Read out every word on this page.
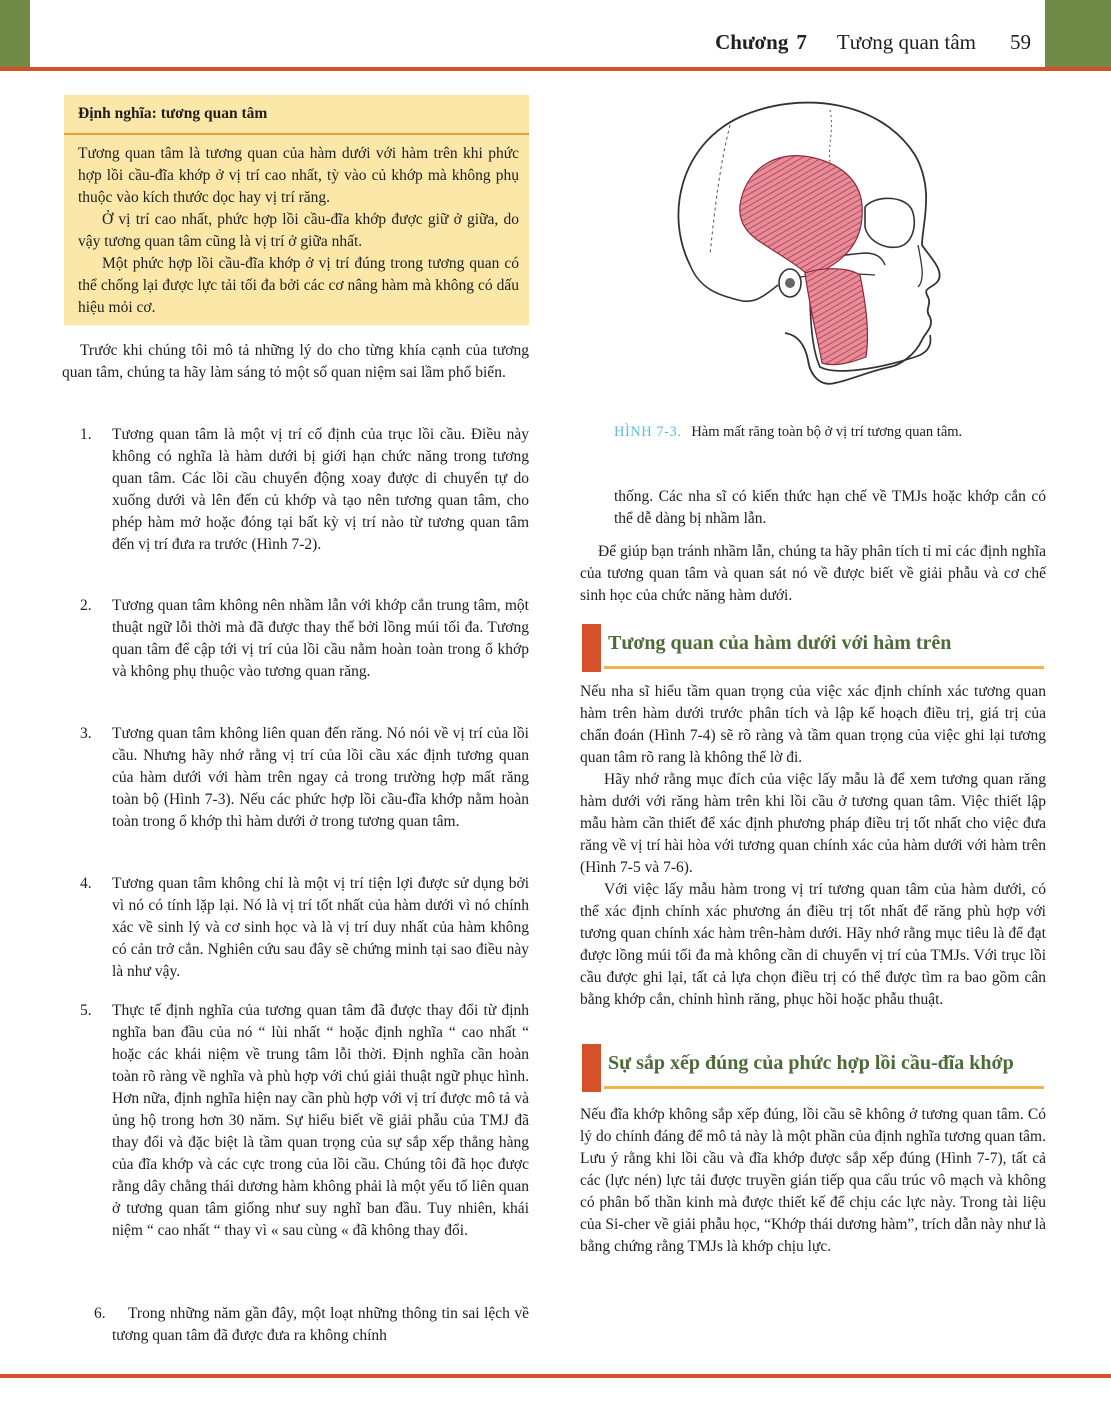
Chương 7 Tương quan tâm 59
Định nghĩa: tương quan tâm

Tương quan tâm là tương quan của hàm dưới với hàm trên khi phức hợp lồi cầu-đĩa khớp ở vị trí cao nhất, tỳ vào củ khớp mà không phụ thuộc vào kích thước dọc hay vị trí răng.

Ở vị trí cao nhất, phức hợp lồi cầu-đĩa khớp được giữ ở giữa, do vậy tương quan tâm cũng là vị trí ở giữa nhất.

Một phức hợp lồi cầu-đĩa khớp ở vị trí đúng trong tương quan có thể chống lại được lực tải tối đa bởi các cơ nâng hàm mà không có dấu hiệu mỏi cơ.

Trước khi chúng tôi mô tả những lý do cho từng khía cạnh của tương quan tâm, chúng ta hãy làm sáng tỏ một số quan niệm sai lầm phổ biến.

1. Tương quan tâm là một vị trí cố định của trục lồi cầu. Điều này không có nghĩa là hàm dưới bị giới hạn chức năng trong tương quan tâm. Các lồi cầu chuyển động xoay được di chuyển tự do xuống dưới và lên đến củ khớp và tạo nên tương quan tâm, cho phép hàm mở hoặc đóng tại bất kỳ vị trí nào từ tương quan tâm đến vị trí đưa ra trước (Hình 7-2).
2. Tương quan tâm không nên nhầm lẫn với khớp cắn trung tâm, một thuật ngữ lỗi thời mà đã được thay thế bởi lồng múi tối đa. Tương quan tâm để cập tới vị trí của lồi cầu nằm hoàn toàn trong ổ khớp và không phụ thuộc vào tương quan răng.
3. Tương quan tâm không liên quan đến răng. Nó nói về vị trí của lồi cầu. Nhưng hãy nhớ rằng vị trí của lồi cầu xác định tương quan của hàm dưới với hàm trên ngay cả trong trường hợp mất răng toàn bộ (Hình 7-3). Nếu các phức hợp lồi cầu-đĩa khớp nằm hoàn toàn trong ổ khớp thì hàm dưới ở trong tương quan tâm.
4. Tương quan tâm không chỉ là một vị trí tiện lợi được sử dụng bởi vì nó có tính lặp lại. Nó là vị trí tốt nhất của hàm dưới vì nó chính xác về sinh lý và cơ sinh học và là vị trí duy nhất của hàm không có cản trở cắn. Nghiên cứu sau đây sẽ chứng minh tại sao điều này là như vậy.
5. Thực tế định nghĩa của tương quan tâm đã được thay đổi từ định nghĩa ban đầu của nó “ lùi nhất “ hoặc định nghĩa “ cao nhất “ hoặc các khái niệm về trung tâm lỗi thời. Định nghĩa cần hoàn toàn rõ ràng về nghĩa và phù hợp với chú giải thuật ngữ phục hình. Hơn nữa, định nghĩa hiện nay cần phù hợp với vị trí được mô tả và ủng hộ trong hơn 30 năm. Sự hiểu biết về giải phẫu của TMJ đã thay đổi và đặc biệt là tầm quan trọng của sự sắp xếp thẳng hàng của đĩa khớp và các cực trong của lồi cầu. Chúng tôi đã học được rằng dây chằng thái dương hàm không phải là một yếu tố liên quan ở tương quan tâm giống như suy nghĩ ban đầu. Tuy nhiên, khái niệm “ cao nhất “ thay vì « sau cùng « đã không thay đổi.
6.	Trong những năm gần đây, một loạt những thông tin sai lệch về tương quan tâm đã được đưa ra không chính
HÌNH 7-3. Hàm mất răng toàn bộ ở vị trí tương quan tâm.

thống. Các nha sĩ có kiến thức hạn chế về TMJs hoặc khớp cắn có thể dễ dàng bị nhầm lẫn.

Để giúp bạn tránh nhầm lẫn, chúng ta hãy phân tích tỉ mỉ các định nghĩa của tương quan tâm và quan sát nó về được biết về giải phẫu và cơ chế sinh học của chức năng hàm dưới.

Tương quan của hàm dưới với hàm trên

Nếu nha sĩ hiểu tầm quan trọng của việc xác định chính xác tương quan hàm trên hàm dưới trước phân tích và lập kế hoạch điều trị, giá trị của chẩn đoán (Hình 7-4) sẽ rõ ràng và tầm quan trọng của việc ghi lại tương quan tâm rõ rang là không thể lờ đi.

Hãy nhớ rằng mục đích của việc lấy mẫu là để xem tương quan răng hàm dưới với răng hàm trên khi lồi cầu ở tương quan tâm. Việc thiết lập mẫu hàm cần thiết để xác định phương pháp điều trị tốt nhất cho việc đưa răng về vị trí hài hòa với tương quan chính xác của hàm dưới với hàm trên (Hình 7-5 và 7-6).

Với việc lấy mẫu hàm trong vị trí tương quan tâm của hàm dưới, có thể xác định chính xác phương án điều trị tốt nhất để răng phù hợp với tương quan chính xác hàm trên-hàm dưới. Hãy nhớ rằng mục tiêu là để đạt được lồng múi tối đa mà không cần di chuyển vị trí của TMJs. Với trục lồi cầu được ghi lại, tất cả lựa chọn điều trị có thể được tìm ra bao gồm cân bằng khớp cắn, chỉnh hình răng, phục hồi hoặc phẫu thuật.

Sự sắp xếp đúng của phức hợp lồi cầu-đĩa khớp

Nếu đĩa khớp không sắp xếp đúng, lồi cầu sẽ không ở tương quan tâm. Có lý do chính đáng để mô tả này là một phần của định nghĩa tương quan tâm. Lưu ý rằng khi lồi cầu và đĩa khớp được sắp xếp đúng (Hình 7-7), tất cả các (lực nén) lực tải được truyền gián tiếp qua cấu trúc vô mạch và không có phân bố thần kinh mà được thiết kế để chịu các lực này. Trong tài liệu của Si-cher về giải phẫu học, “Khớp thái dương hàm”, trích dẫn này như là bằng chứng rằng TMJs là khớp chịu lực.
